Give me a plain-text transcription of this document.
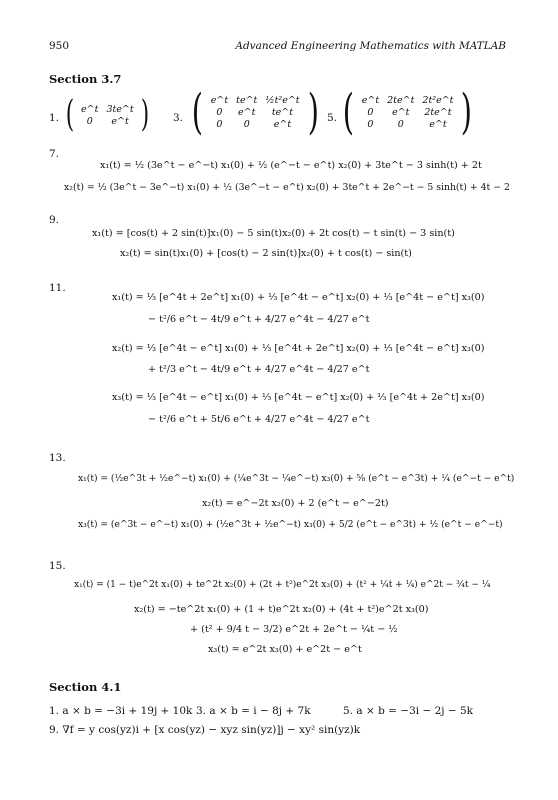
950	Advanced Engineering Mathematics with MATLAB
Section 3.7
1. ( e^t	3te^t
0	e^t ) 3. ( e^t	te^t	½t²e^t
0	e^t	te^t
0	0	e^t ) 5. ( e^t	2te^t	2t²e^t
0	e^t	2te^t
0	0	e^t )
7.
x₁(t) = ½ (3e^t − e^−t) x₁(0) + ½ (e^−t − e^t) x₂(0) + 3te^t − 3 sinh(t) + 2t
x₂(t) = ½ (3e^t − 3e^−t) x₁(0) + ½ (3e^−t − e^t) x₂(0) + 3te^t + 2e^−t − 5 sinh(t) + 4t − 2
9.
x₁(t) = [cos(t) + 2 sin(t)]x₁(0) − 5 sin(t)x₂(0) + 2t cos(t) − t sin(t) − 3 sin(t)
x₂(t) = sin(t)x₁(0) + [cos(t) − 2 sin(t)]x₂(0) + t cos(t) − sin(t)
11.
x₁(t) = ⅓ [e^4t + 2e^t] x₁(0) + ⅓ [e^4t − e^t] x₂(0) + ⅓ [e^4t − e^t] x₃(0)
− t²/6 e^t − 4t/9 e^t + 4/27 e^4t − 4/27 e^t
x₂(t) = ⅓ [e^4t − e^t] x₁(0) + ⅓ [e^4t + 2e^t] x₂(0) + ⅓ [e^4t − e^t] x₃(0)
+ t²/3 e^t − 4t/9 e^t + 4/27 e^4t − 4/27 e^t
x₃(t) = ⅓ [e^4t − e^t] x₁(0) + ⅓ [e^4t − e^t] x₂(0) + ⅓ [e^4t + 2e^t] x₃(0)
− t²/6 e^t + 5t/6 e^t + 4/27 e^4t − 4/27 e^t
13.
x₁(t) = (½e^3t + ½e^−t) x₁(0) + (¼e^3t − ¼e^−t) x₃(0) + ⅝ (e^t − e^3t) + ¼ (e^−t − e^t)
x₂(t) = e^−2t x₂(0) + 2 (e^t − e^−2t)
x₃(t) = (e^3t − e^−t) x₁(0) + (½e^3t + ½e^−t) x₃(0) + 5/2 (e^t − e^3t) + ½ (e^t − e^−t)
15.
x₁(t) = (1 − t)e^2t x₁(0) + te^2t x₂(0) + (2t + t²)e^2t x₃(0) + (t² + ¼t + ¼) e^2t − ¾t − ¼
x₂(t) = −te^2t x₁(0) + (1 + t)e^2t x₂(0) + (4t + t²)e^2t x₃(0)
+ (t² + 9/4 t − 3/2) e^2t + 2e^t − ¼t − ½
x₃(t) = e^2t x₃(0) + e^2t − e^t
Section 4.1
1. a × b = −3i + 19j + 10k 3. a × b = i − 8j + 7k	5. a × b = −3i − 2j − 5k
9. ∇f = y cos(yz)i + [x cos(yz) − xyz sin(yz)]j − xy² sin(yz)k
